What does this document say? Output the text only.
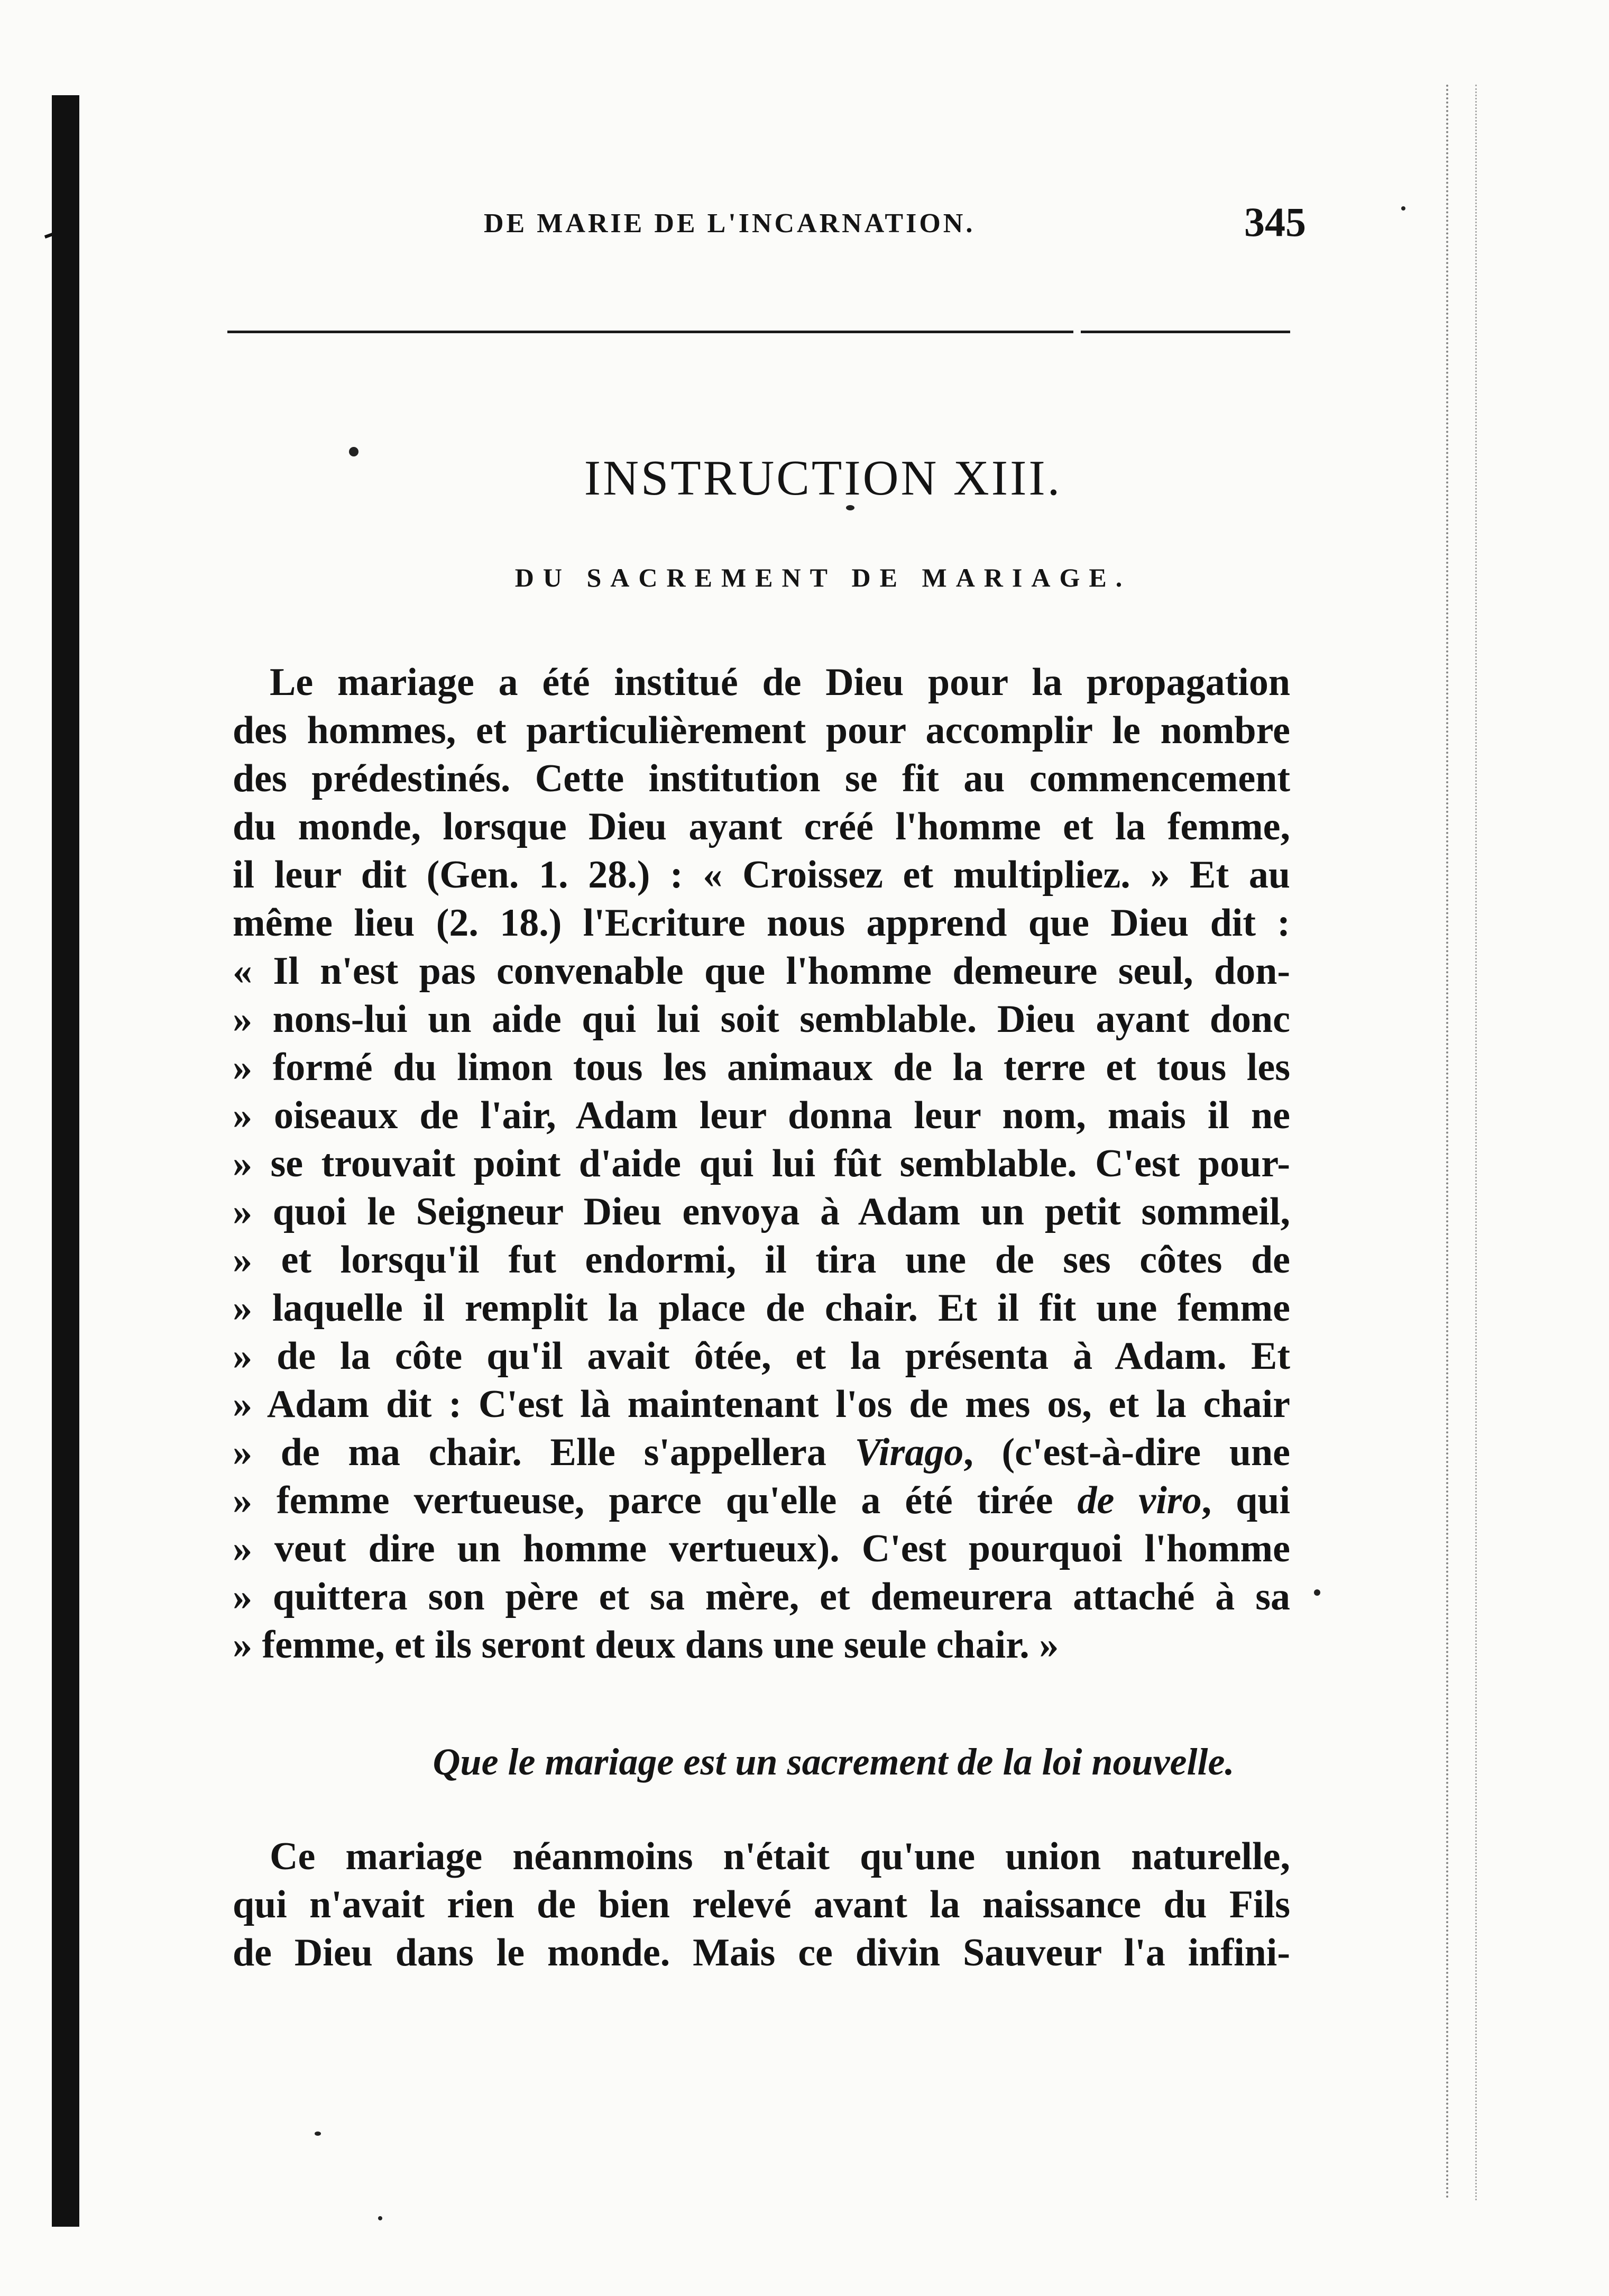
DE MARIE DE L'INCARNATION.	345
INSTRUCTION XIII.
DU SACREMENT DE MARIAGE.
Le mariage a été institué de Dieu pour la propagation
des hommes, et particulièrement pour accomplir le nombre
des prédestinés. Cette institution se fit au commencement
du monde, lorsque Dieu ayant créé l'homme et la femme,
il leur dit (Gen. 1. 28.) : « Croissez et multipliez. » Et au
même lieu (2. 18.) l'Ecriture nous apprend que Dieu dit :
« Il n'est pas convenable que l'homme demeure seul, don-
» nons-lui un aide qui lui soit semblable. Dieu ayant donc
» formé du limon tous les animaux de la terre et tous les
» oiseaux de l'air, Adam leur donna leur nom, mais il ne
» se trouvait point d'aide qui lui fût semblable. C'est pour-
» quoi le Seigneur Dieu envoya à Adam un petit sommeil,
» et lorsqu'il fut endormi, il tira une de ses côtes de
» laquelle il remplit la place de chair. Et il fit une femme
» de la côte qu'il avait ôtée, et la présenta à Adam. Et
» Adam dit : C'est là maintenant l'os de mes os, et la chair
» de ma chair. Elle s'appellera Virago, (c'est-à-dire une
» femme vertueuse, parce qu'elle a été tirée de viro, qui
» veut dire un homme vertueux). C'est pourquoi l'homme
» quittera son père et sa mère, et demeurera attaché à sa
» femme, et ils seront deux dans une seule chair. »
Que le mariage est un sacrement de la loi nouvelle.
Ce mariage néanmoins n'était qu'une union naturelle,
qui n'avait rien de bien relevé avant la naissance du Fils
de Dieu dans le monde. Mais ce divin Sauveur l'a infini-
